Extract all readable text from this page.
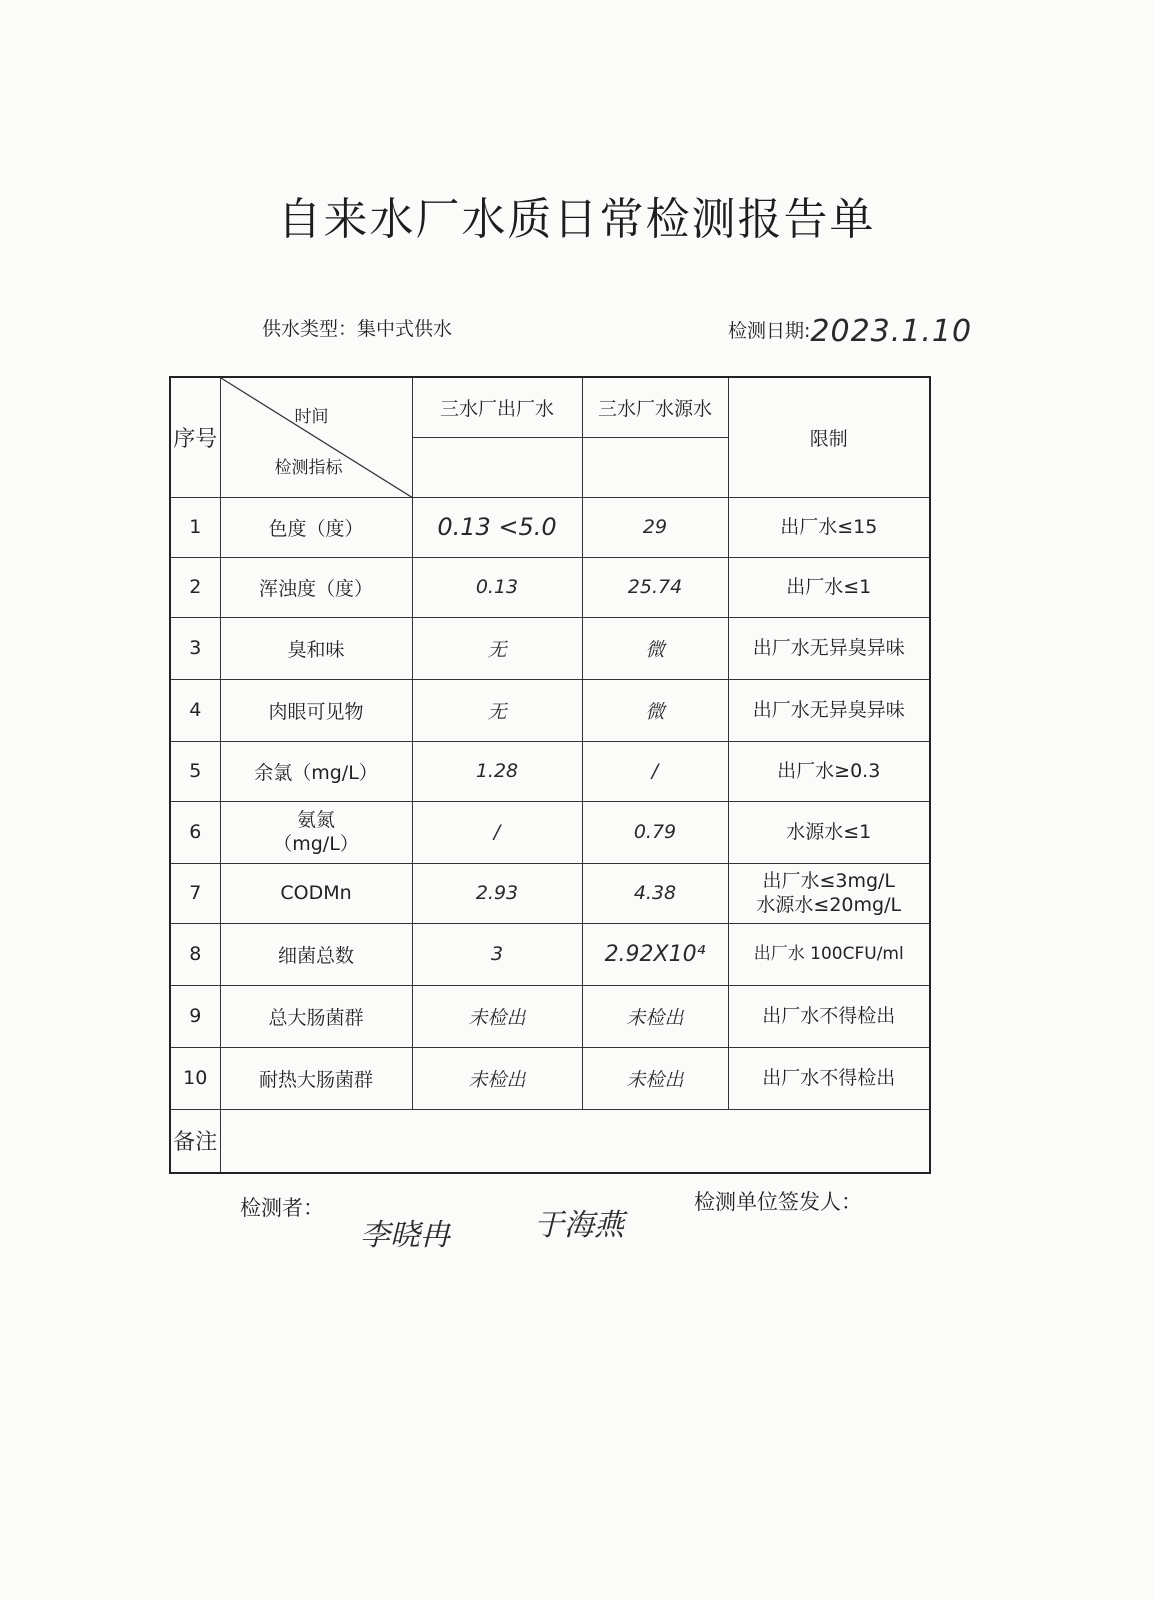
自来水厂水质日常检测报告单
供水类型：集中式供水	检测日期:2023.1.10
序号	时间
检测指标	三水厂出厂水	三水厂水源水	限制

1	色度（度）	0.13 <5.0	29	出厂水≤15
2	浑浊度（度）	0.13	25.74	出厂水≤1
3	臭和味	无	微	出厂水无异臭异味
4	肉眼可见物	无	微	出厂水无异臭异味
5	余氯（mg/L）	1.28	/	出厂水≥0.3
6	氨氮
（mg/L）	/	0.79	水源水≤1
7	CODMn	2.93	4.38	出厂水≤3mg/L
水源水≤20mg/L

8	细菌总数	3	2.92X10⁴	出厂水 100CFU/ml
9	总大肠菌群	未检出	未检出	出厂水不得检出
10	耐热大肠菌群	未检出	未检出	出厂水不得检出
备注				
检测者：	检测单位签发人：
李晓冉	于海燕
